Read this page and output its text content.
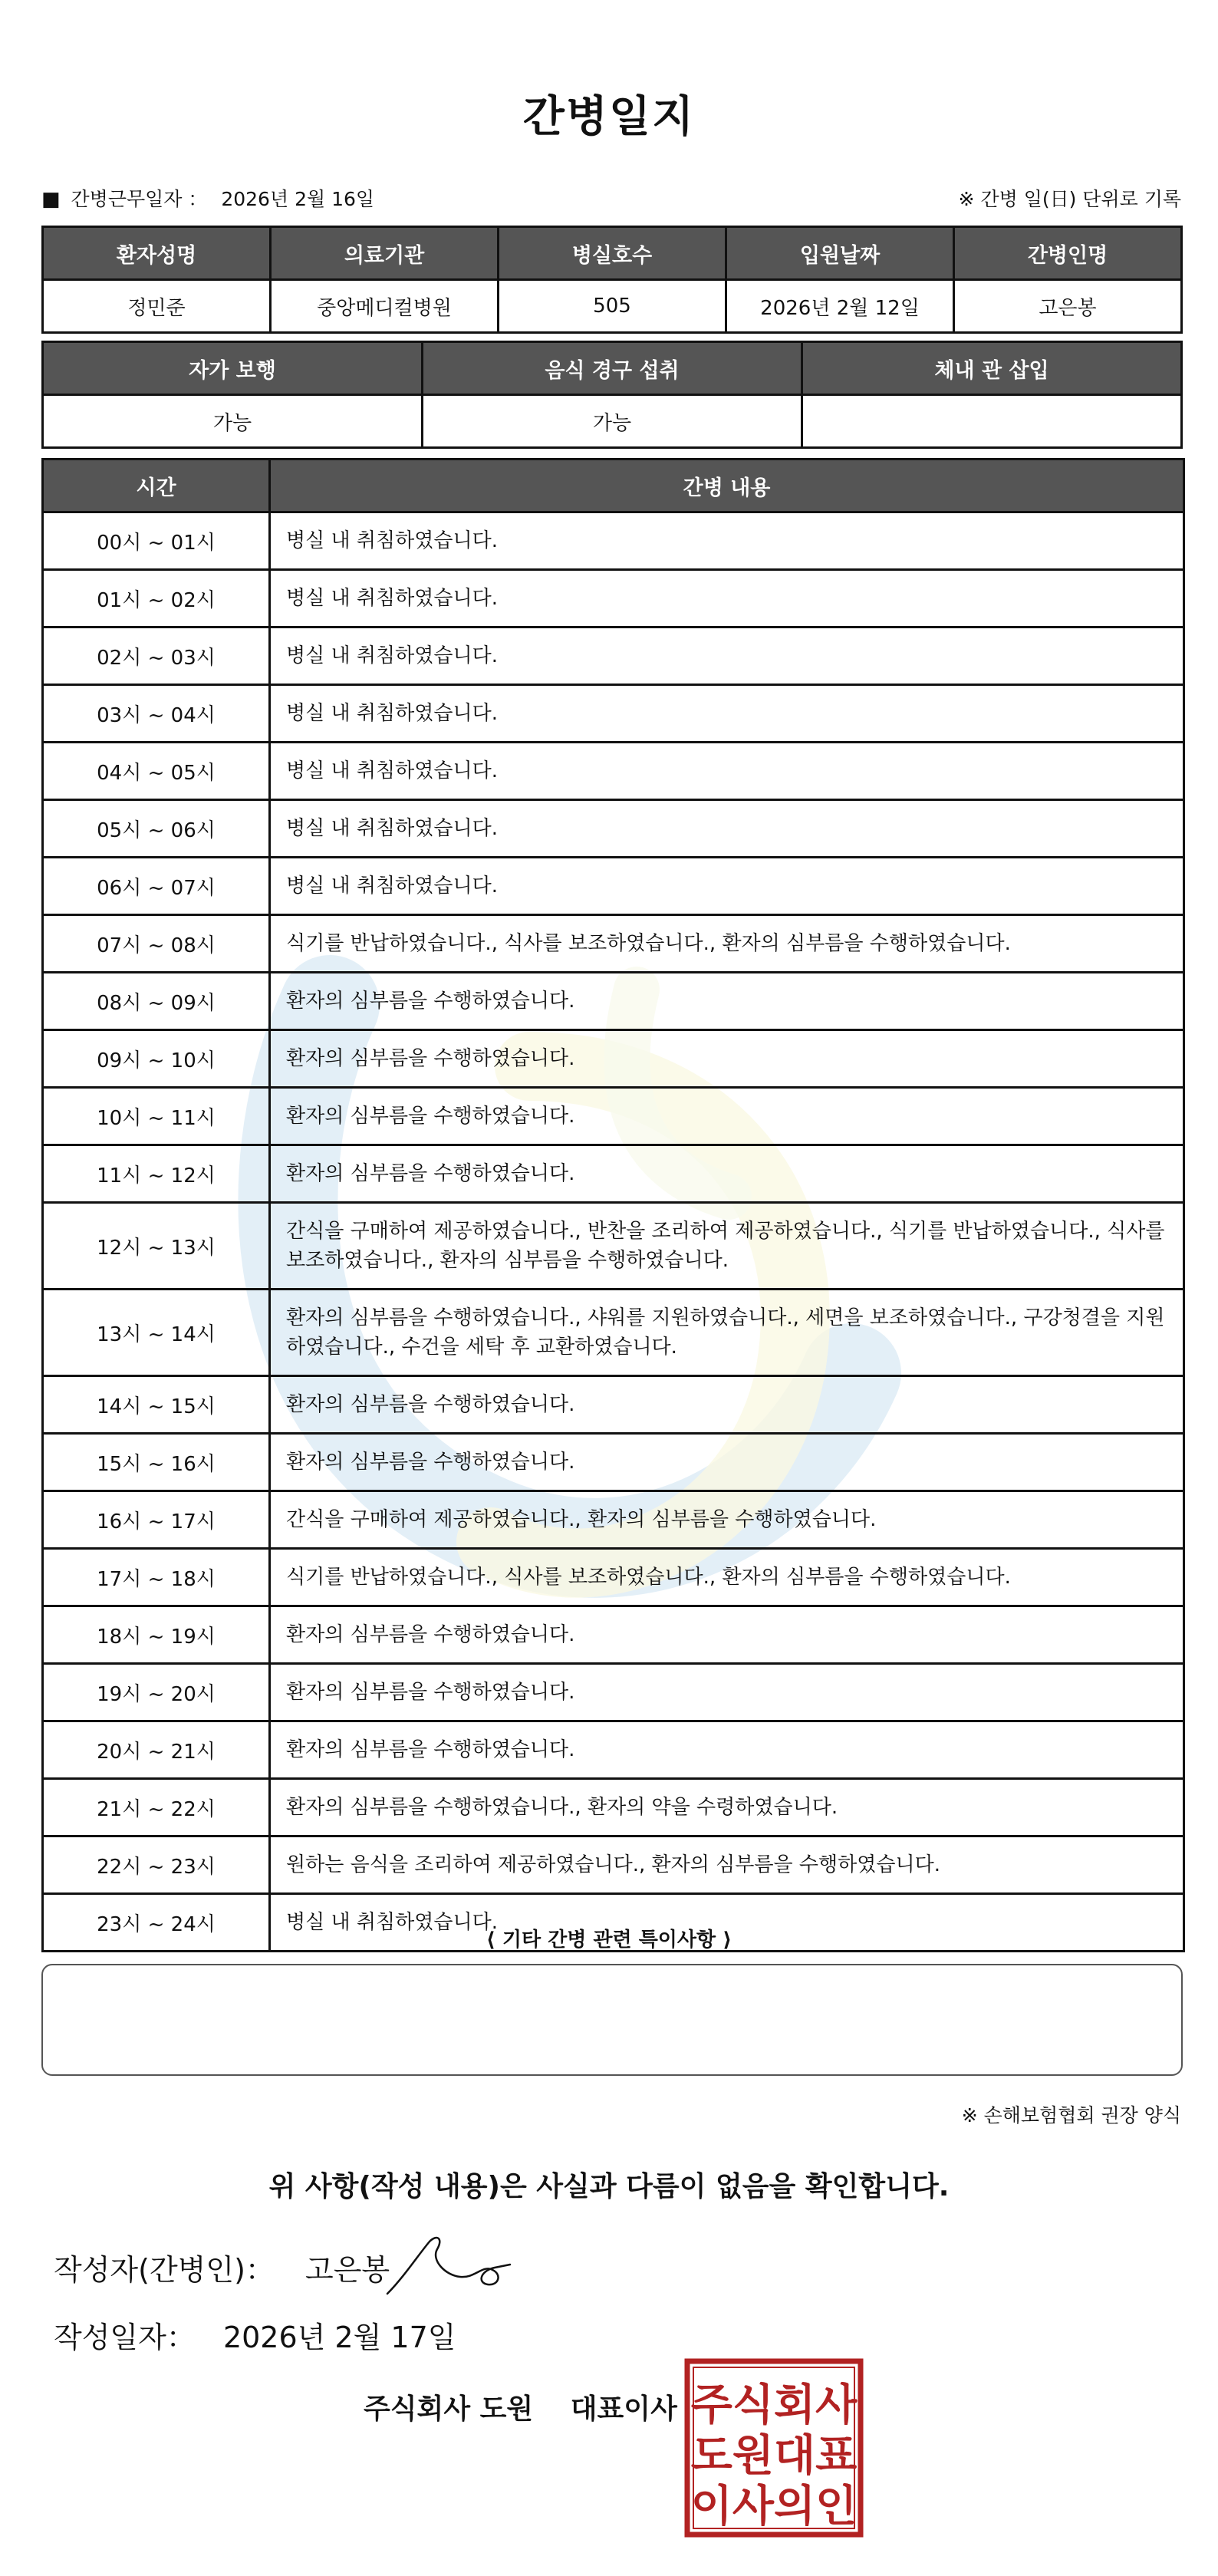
간병일지
■ 간병근무일자 ： 2026년 2월 16일	※ 간병 일(日) 단위로 기록
환자성명	의료기관	병실호수	입원날짜	간병인명
정민준	중앙메디컬병원	505	2026년 2월 12일	고은봉
자가 보행	음식 경구 섭취	체내 관 삽입
가능	가능	
시간	간병 내용
00시 ~ 01시	병실 내 취침하였습니다.
01시 ~ 02시	병실 내 취침하였습니다.
02시 ~ 03시	병실 내 취침하였습니다.
03시 ~ 04시	병실 내 취침하였습니다.
04시 ~ 05시	병실 내 취침하였습니다.
05시 ~ 06시	병실 내 취침하였습니다.
06시 ~ 07시	병실 내 취침하였습니다.
07시 ~ 08시	식기를 반납하였습니다., 식사를 보조하였습니다., 환자의 심부름을 수행하였습니다.
08시 ~ 09시	환자의 심부름을 수행하였습니다.
09시 ~ 10시	환자의 심부름을 수행하였습니다.
10시 ~ 11시	환자의 심부름을 수행하였습니다.
11시 ~ 12시	환자의 심부름을 수행하였습니다.
12시 ~ 13시	간식을 구매하여 제공하였습니다., 반찬을 조리하여 제공하였습니다., 식기를 반납하였습니다., 식사를 보조하였습니다., 환자의 심부름을 수행하였습니다.
13시 ~ 14시	환자의 심부름을 수행하였습니다., 샤워를 지원하였습니다., 세면을 보조하였습니다., 구강청결을 지원하였습니다., 수건을 세탁 후 교환하였습니다.
14시 ~ 15시	환자의 심부름을 수행하였습니다.
15시 ~ 16시	환자의 심부름을 수행하였습니다.
16시 ~ 17시	간식을 구매하여 제공하였습니다., 환자의 심부름을 수행하였습니다.
17시 ~ 18시	식기를 반납하였습니다., 식사를 보조하였습니다., 환자의 심부름을 수행하였습니다.
18시 ~ 19시	환자의 심부름을 수행하였습니다.
19시 ~ 20시	환자의 심부름을 수행하였습니다.
20시 ~ 21시	환자의 심부름을 수행하였습니다.
21시 ~ 22시	환자의 심부름을 수행하였습니다., 환자의 약을 수령하였습니다.
22시 ~ 23시	원하는 음식을 조리하여 제공하였습니다., 환자의 심부름을 수행하였습니다.
23시 ~ 24시	병실 내 취침하였습니다.
⟨ 기타 간병 관련 특이사항 ⟩
※ 손해보험협회 권장 양식
위 사항(작성 내용)은 사실과 다름이 없음을 확인합니다.
작성자(간병인)： 고은봉
작성일자： 2026년 2월 17일
주식회사 도원 대표이사 주식회사
도원대표
이사의인
